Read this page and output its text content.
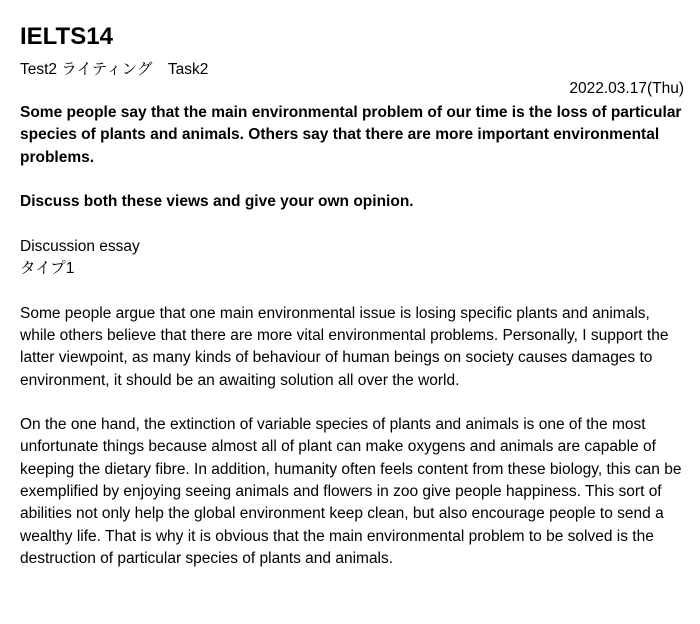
IELTS14
Test2 ライティング　Task2
2022.03.17(Thu)

Some people say that the main environmental problem of our time is the loss of particular species of plants and animals. Others say that there are more important environmental problems.

Discuss both these views and give your own opinion.

Discussion essay
タイプ1

Some people argue that one main environmental issue is losing specific plants and animals, while others believe that there are more vital environmental problems. Personally, I support the latter viewpoint, as many kinds of behaviour of human beings on society causes damages to environment, it should be an awaiting solution all over the world.

On the one hand, the extinction of variable species of plants and animals is one of the most unfortunate things because almost all of plant can make oxygens and animals are capable of keeping the dietary fibre. In addition, humanity often feels content from these biology, this can be exemplified by enjoying seeing animals and flowers in zoo give people happiness. This sort of abilities not only help the global environment keep clean, but also encourage people to send a wealthy life. That is why it is obvious that the main environmental problem to be solved is the destruction of particular species of plants and animals.
